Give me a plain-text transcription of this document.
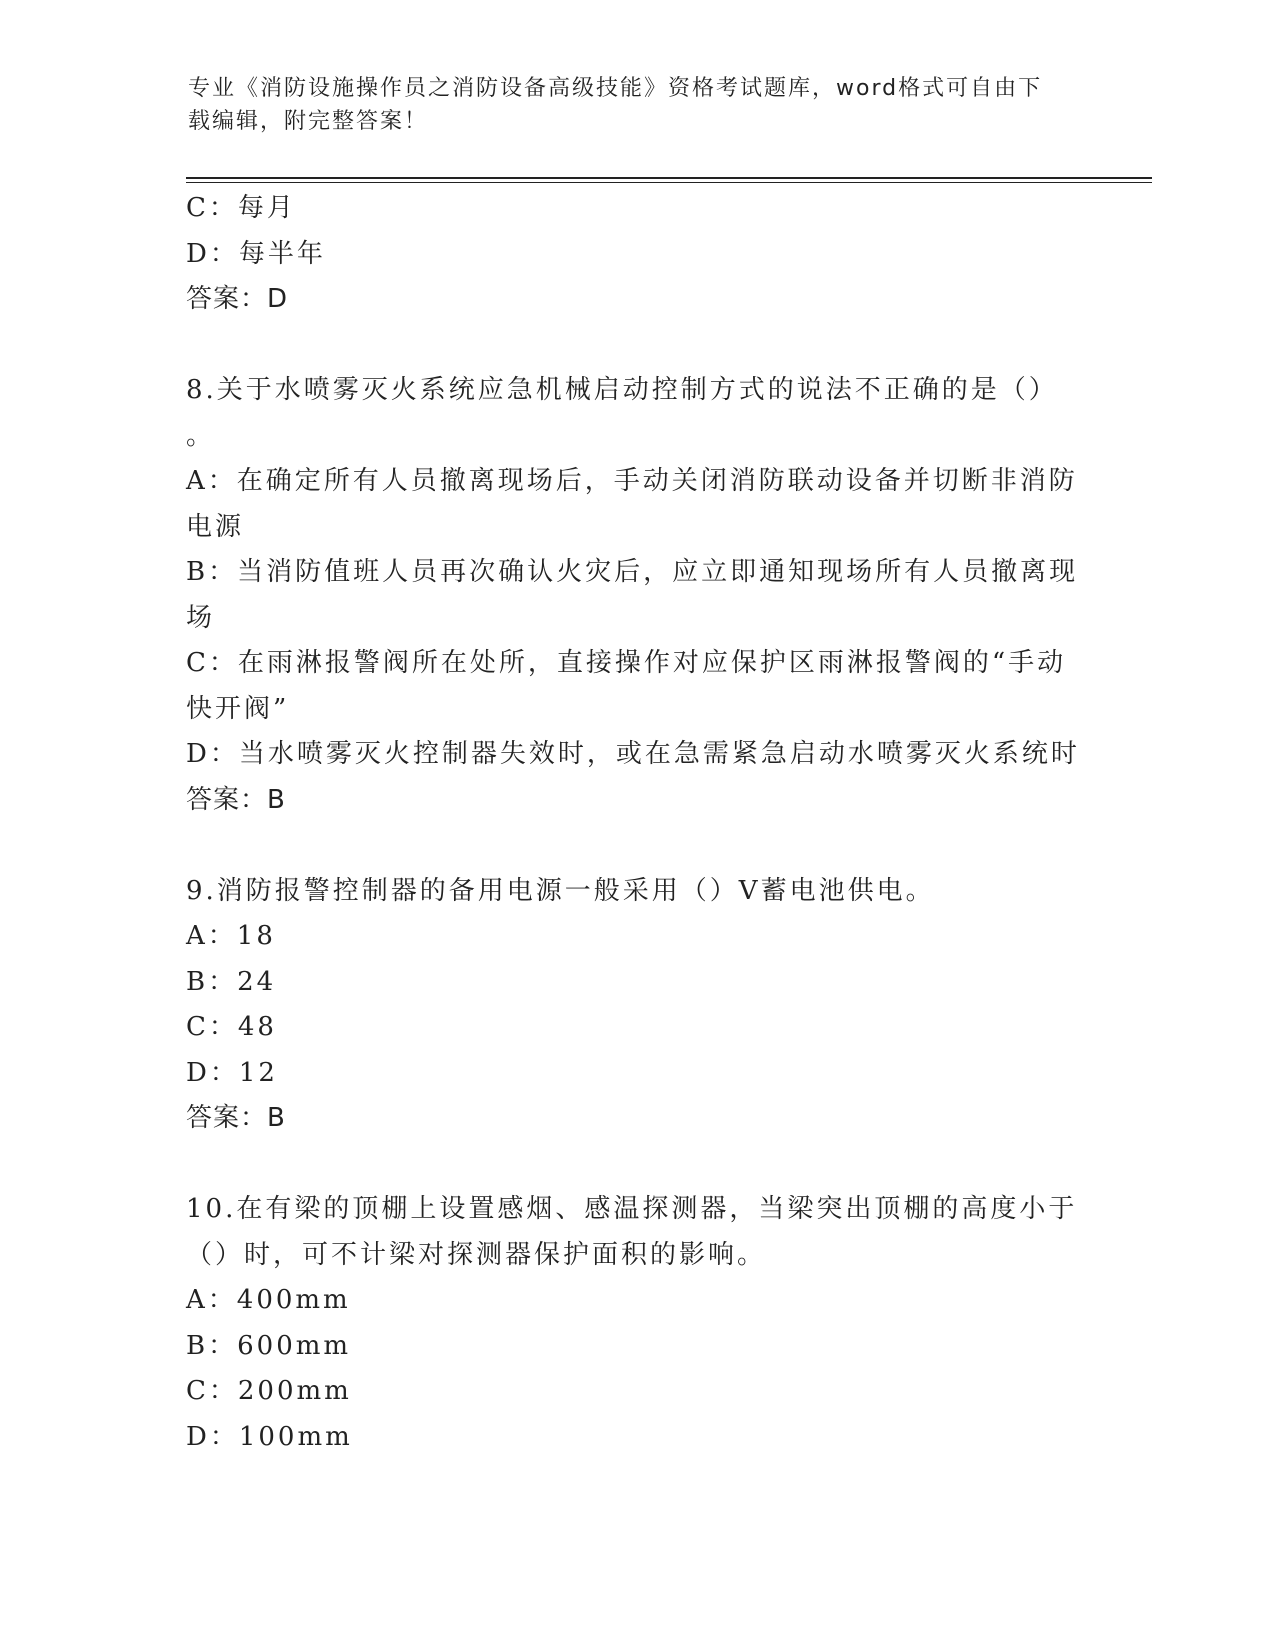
专业《消防设施操作员之消防设备高级技能》资格考试题库，word格式可自由下
载编辑，附完整答案！
C：每月
D：每半年
答案：D
8.关于水喷雾灭火系统应急机械启动控制方式的说法不正确的是（）
。
A：在确定所有人员撤离现场后，手动关闭消防联动设备并切断非消防
电源
B：当消防值班人员再次确认火灾后，应立即通知现场所有人员撤离现
场
C：在雨淋报警阀所在处所，直接操作对应保护区雨淋报警阀的“手动
快开阀”
D：当水喷雾灭火控制器失效时，或在急需紧急启动水喷雾灭火系统时
答案：B
9.消防报警控制器的备用电源一般采用（）V蓄电池供电。
A：18
B：24
C：48
D：12
答案：B
10.在有梁的顶棚上设置感烟、感温探测器，当梁突出顶棚的高度小于
（）时，可不计梁对探测器保护面积的影响。
A：400mm
B：600mm
C：200mm
D：100mm
